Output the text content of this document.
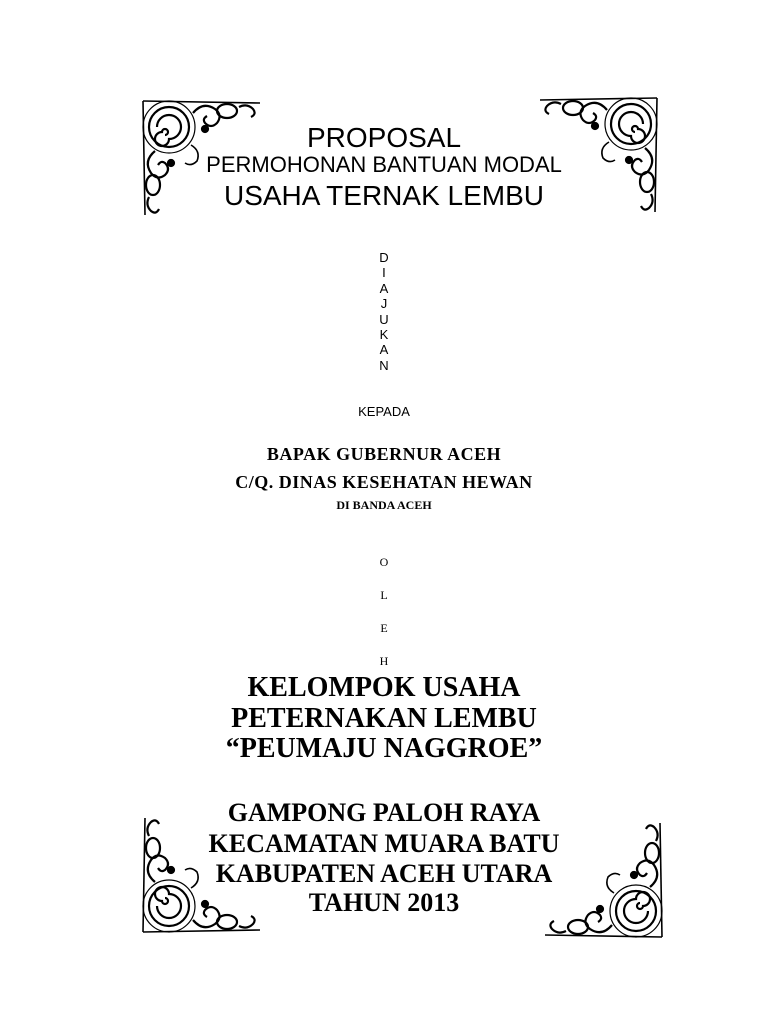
PROPOSAL
PERMOHONAN BANTUAN MODAL
USAHA TERNAK LEMBU
D
I
A
J
U
K
A
N
KEPADA
BAPAK GUBERNUR ACEH
C/Q. DINAS KESEHATAN HEWAN
DI BANDA ACEH
O
L
E
H
KELOMPOK USAHA
PETERNAKAN LEMBU
“PEUMAJU NAGGROE”
GAMPONG PALOH RAYA
KECAMATAN MUARA BATU
KABUPATEN ACEH UTARA
TAHUN 2013
